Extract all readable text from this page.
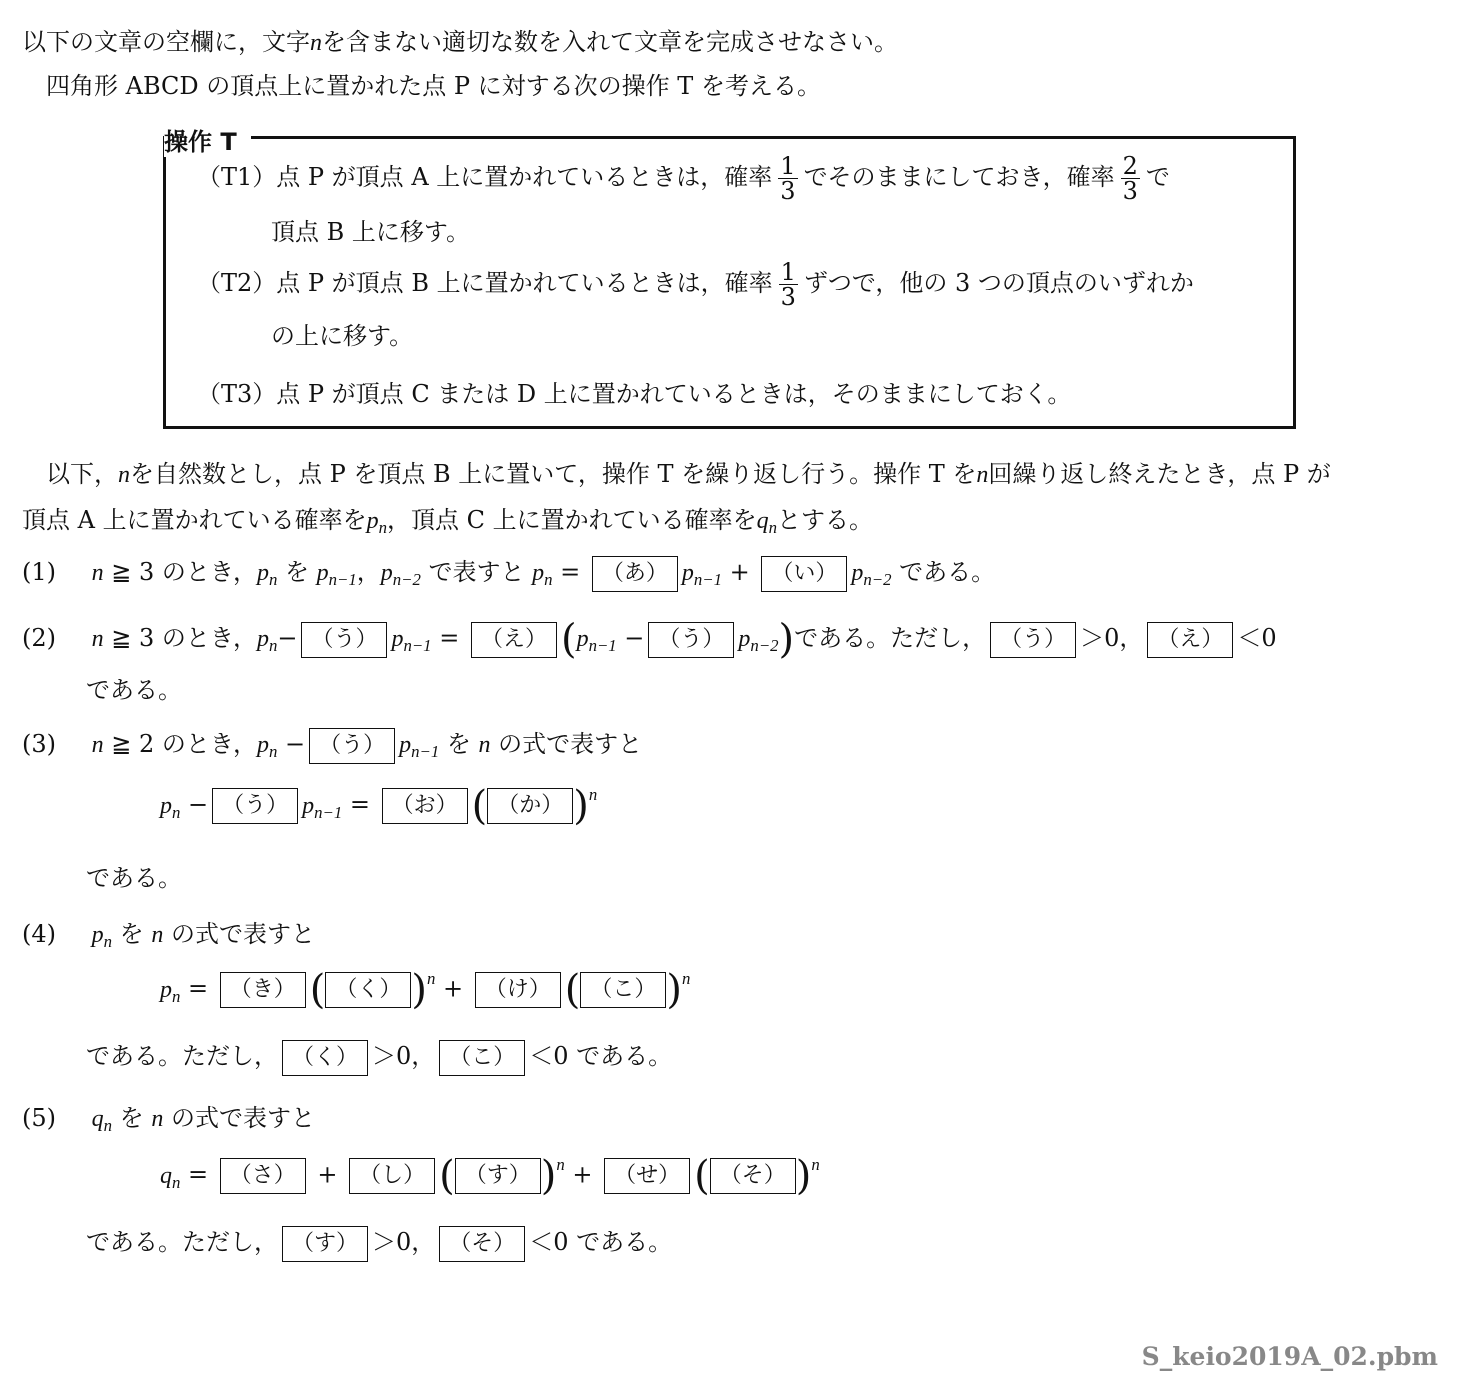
以下の文章の空欄に，文字nを含まない適切な数を入れて文章を完成させなさい。
四角形 ABCD の頂点上に置かれた点 P に対する次の操作 T を考える。
操作 T
（T1）点 P が頂点 A 上に置かれているときは，確率 $\frac{1}{3}$ でそのままにしておき，確率 $\frac{2}{3}$ で
頂点 B 上に移す。
（T2）点 P が頂点 B 上に置かれているときは，確率 $\frac{1}{3}$ ずつで，他の 3 つの頂点のいずれか
の上に移す。
（T3）点 P が頂点 C または D 上に置かれているときは，そのままにしておく。
以下，nを自然数とし，点 P を頂点 B 上に置いて，操作 T を繰り返し行う。操作 T をn回繰り返し終えたとき，点 P が
頂点 A 上に置かれている確率を$p_n$，頂点 C 上に置かれている確率を$q_n$とする。
(1) n ≧ 3 のとき，$p_n$ を $p_{n-1}$，$p_{n-2}$ で表すと $p_n$ = （あ） $p_{n-1}$ + （い） $p_{n-2}$ である。
(2) n ≧ 3 のとき，$p_n-$ （う） $p_{n-1}$ = （え） ($p_{n-1}$ − （う） $p_{n-2}$)である。ただし， （う） ＞0， （え） ＜0
である。
(3) n ≧ 2 のとき，$p_n$ − （う） $p_{n-1}$ を n の式で表すと
$p_n$ − （う） $p_{n-1}$ = （お） ( （か） )$^n$
である。
(4) $p_n$ を n の式で表すと
$p_n$ = （き） ( （く） )$^n$ + （け） ( （こ） )$^n$
である。ただし， （く） ＞0， （こ） ＜0 である。
(5) $q_n$ を n の式で表すと
$q_n$ = （さ） + （し） ( （す） )$^n$ + （せ） ( （そ） )$^n$
である。ただし， （す） ＞0， （そ） ＜0 である。
S_keio2019A_02.pbm
